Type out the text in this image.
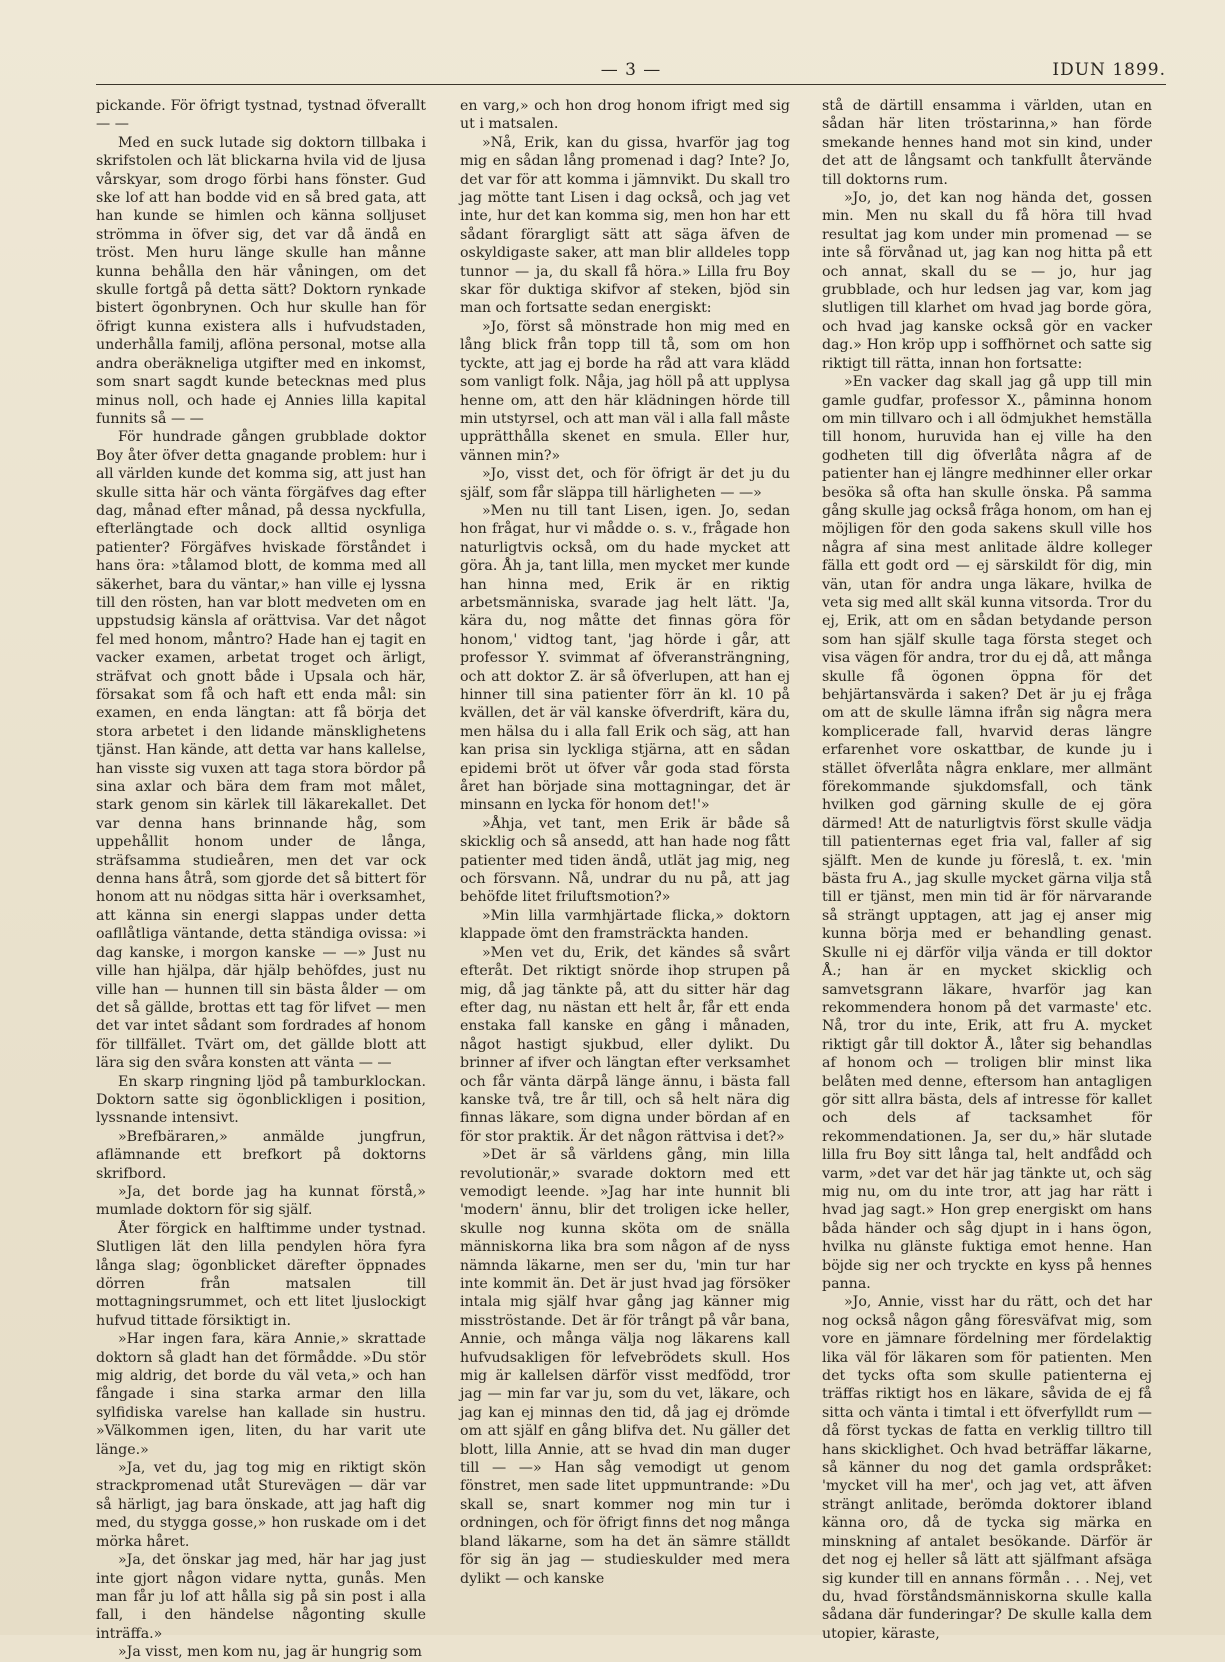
— 3 —	IDUN 1899.

pickande. För öfrigt tystnad, tystnad öfverallt — —

Med en suck lutade sig doktorn tillbaka i skrifstolen och lät blickarna hvila vid de ljusa vårskyar, som drogo förbi hans fönster. Gud ske lof att han bodde vid en så bred gata, att han kunde se himlen och känna solljuset strömma in öfver sig, det var då ändå en tröst. Men huru länge skulle han månne kunna behålla den här våningen, om det skulle fortgå på detta sätt? Doktorn rynkade bistert ögonbrynen. Och hur skulle han för öfrigt kunna existera alls i hufvudstaden, underhålla familj, aflöna personal, motse alla andra oberäkneliga utgifter med en inkomst, som snart sagdt kunde betecknas med plus minus noll, och hade ej Annies lilla kapital funnits så — —

För hundrade gången grubblade doktor Boy åter öfver detta gnagande problem: hur i all världen kunde det komma sig, att just han skulle sitta här och vänta förgäfves dag efter dag, månad efter månad, på dessa nyckfulla, efterlängtade och dock alltid osynliga patienter? Förgäfves hviskade förståndet i hans öra: »tålamod blott, de komma med all säkerhet, bara du väntar,» han ville ej lyssna till den rösten, han var blott medveten om en uppstudsig känsla af orättvisa. Var det något fel med honom, måntro? Hade han ej tagit en vacker examen, arbetat troget och ärligt, sträfvat och gnott både i Upsala och här, försakat som få och haft ett enda mål: sin examen, en enda längtan: att få börja det stora arbetet i den lidande mänsklighetens tjänst. Han kände, att detta var hans kallelse, han visste sig vuxen att taga stora bördor på sina axlar och bära dem fram mot målet, stark genom sin kärlek till läkarekallet. Det var denna hans brinnande håg, som uppehållit honom under de långa, sträfsamma studieåren, men det var ock denna hans åtrå, som gjorde det så bittert för honom att nu nödgas sitta här i overksamhet, att känna sin energi slappas under detta oafllåtliga väntande, detta ständiga ovissa: »i dag kanske, i morgon kanske — —» Just nu ville han hjälpa, där hjälp behöfdes, just nu ville han — hunnen till sin bästa ålder — om det så gällde, brottas ett tag för lifvet — men det var intet sådant som fordrades af honom för tillfället. Tvärt om, det gällde blott att lära sig den svåra konsten att vänta — —

En skarp ringning ljöd på tamburklockan. Doktorn satte sig ögonblickligen i position, lyssnande intensivt.

»Brefbäraren,» anmälde jungfrun, aflämnande ett brefkort på doktorns skrifbord.

»Ja, det borde jag ha kunnat förstå,» mumlade doktorn för sig själf.

Åter förgick en halftimme under tystnad. Slutligen lät den lilla pendylen höra fyra långa slag; ögonblicket därefter öppnades dörren från matsalen till mottagningsrummet, och ett litet ljuslockigt hufvud tittade försiktigt in.

»Har ingen fara, kära Annie,» skrattade doktorn så gladt han det förmådde. »Du stör mig aldrig, det borde du väl veta,» och han fångade i sina starka armar den lilla sylfidiska varelse han kallade sin hustru. »Välkommen igen, liten, du har varit ute länge.»

»Ja, vet du, jag tog mig en riktigt skön strackpromenad utåt Sturevägen — där var så härligt, jag bara önskade, att jag haft dig med, du stygga gosse,» hon ruskade om i det mörka håret.

»Ja, det önskar jag med, här har jag just inte gjort någon vidare nytta, gunås. Men man får ju lof att hålla sig på sin post i alla fall, i den händelse någonting skulle inträffa.»

»Ja visst, men kom nu, jag är hungrig som

en varg,» och hon drog honom ifrigt med sig ut i matsalen.

»Nå, Erik, kan du gissa, hvarför jag tog mig en sådan lång promenad i dag? Inte? Jo, det var för att komma i jämnvikt. Du skall tro jag mötte tant Lisen i dag också, och jag vet inte, hur det kan komma sig, men hon har ett sådant förargligt sätt att säga äfven de oskyldigaste saker, att man blir alldeles topp tunnor — ja, du skall få höra.» Lilla fru Boy skar för duktiga skifvor af steken, bjöd sin man och fortsatte sedan energiskt:

»Jo, först så mönstrade hon mig med en lång blick från topp till tå, som om hon tyckte, att jag ej borde ha råd att vara klädd som vanligt folk. Nåja, jag höll på att upplysa henne om, att den här klädningen hörde till min utstyrsel, och att man väl i alla fall måste upprätthålla skenet en smula. Eller hur, vännen min?»

»Jo, visst det, och för öfrigt är det ju du själf, som får släppa till härligheten — —»

»Men nu till tant Lisen, igen. Jo, sedan hon frågat, hur vi mådde o. s. v., frågade hon naturligtvis också, om du hade mycket att göra. Åh ja, tant lilla, men mycket mer kunde han hinna med, Erik är en riktig arbetsmänniska, svarade jag helt lätt. 'Ja, kära du, nog måtte det finnas göra för honom,' vidtog tant, 'jag hörde i går, att professor Y. svimmat af öfveransträngning, och att doktor Z. är så öfverlupen, att han ej hinner till sina patienter förr än kl. 10 på kvällen, det är väl kanske öfverdrift, kära du, men hälsa du i alla fall Erik och säg, att han kan prisa sin lyckliga stjärna, att en sådan epidemi bröt ut öfver vår goda stad första året han började sina mottagningar, det är minsann en lycka för honom det!'»

»Åhja, vet tant, men Erik är både så skicklig och så ansedd, att han hade nog fått patienter med tiden ändå, utlät jag mig, neg och försvann. Nå, undrar du nu på, att jag behöfde litet friluftsmotion?»

»Min lilla varmhjärtade flicka,» doktorn klappade ömt den framsträckta handen.

»Men vet du, Erik, det kändes så svårt efteråt. Det riktigt snörde ihop strupen på mig, då jag tänkte på, att du sitter här dag efter dag, nu nästan ett helt år, får ett enda enstaka fall kanske en gång i månaden, något hastigt sjukbud, eller dylikt. Du brinner af ifver och längtan efter verksamhet och får vänta därpå länge ännu, i bästa fall kanske två, tre år till, och så helt nära dig finnas läkare, som digna under bördan af en för stor praktik. Är det någon rättvisa i det?»

»Det är så världens gång, min lilla revolutionär,» svarade doktorn med ett vemodigt leende. »Jag har inte hunnit bli 'modern' ännu, blir det troligen icke heller, skulle nog kunna sköta om de snälla människorna lika bra som någon af de nyss nämnda läkarne, men ser du, 'min tur har inte kommit än. Det är just hvad jag försöker intala mig själf hvar gång jag känner mig misströstande. Det är för trångt på vår bana, Annie, och många välja nog läkarens kall hufvudsakligen för lefvebrödets skull. Hos mig är kallelsen därför visst medfödd, tror jag — min far var ju, som du vet, läkare, och jag kan ej minnas den tid, då jag ej drömde om att själf en gång blifva det. Nu gäller det blott, lilla Annie, att se hvad din man duger till — —» Han såg vemodigt ut genom fönstret, men sade litet uppmuntrande: »Du skall se, snart kommer nog min tur i ordningen, och för öfrigt finns det nog många bland läkarne, som ha det än sämre ställdt för sig än jag — studieskulder med mera dylikt — och kanske

stå de därtill ensamma i världen, utan en sådan här liten tröstarinna,» han förde smekande hennes hand mot sin kind, under det att de långsamt och tankfullt återvände till doktorns rum.

»Jo, jo, det kan nog hända det, gossen min. Men nu skall du få höra till hvad resultat jag kom under min promenad — se inte så förvånad ut, jag kan nog hitta på ett och annat, skall du se — jo, hur jag grubblade, och hur ledsen jag var, kom jag slutligen till klarhet om hvad jag borde göra, och hvad jag kanske också gör en vacker dag.» Hon kröp upp i soffhörnet och satte sig riktigt till rätta, innan hon fortsatte:

»En vacker dag skall jag gå upp till min gamle gudfar, professor X., påminna honom om min tillvaro och i all ödmjukhet hemställa till honom, huruvida han ej ville ha den godheten till dig öfverlåta några af de patienter han ej längre medhinner eller orkar besöka så ofta han skulle önska. På samma gång skulle jag också fråga honom, om han ej möjligen för den goda sakens skull ville hos några af sina mest anlitade äldre kolleger fälla ett godt ord — ej särskildt för dig, min vän, utan för andra unga läkare, hvilka de veta sig med allt skäl kunna vitsorda. Tror du ej, Erik, att om en sådan betydande person som han själf skulle taga första steget och visa vägen för andra, tror du ej då, att många skulle få ögonen öppna för det behjärtansvärda i saken? Det är ju ej fråga om att de skulle lämna ifrån sig några mera komplicerade fall, hvarvid deras längre erfarenhet vore oskattbar, de kunde ju i stället öfverlåta några enklare, mer allmänt förekommande sjukdomsfall, och tänk hvilken god gärning skulle de ej göra därmed! Att de naturligtvis först skulle vädja till patienternas eget fria val, faller af sig själft. Men de kunde ju föreslå, t. ex. 'min bästa fru A., jag skulle mycket gärna vilja stå till er tjänst, men min tid är för närvarande så strängt upptagen, att jag ej anser mig kunna börja med er behandling genast. Skulle ni ej därför vilja vända er till doktor Å.; han är en mycket skicklig och samvetsgrann läkare, hvarför jag kan rekommendera honom på det varmaste' etc. Nå, tror du inte, Erik, att fru A. mycket riktigt går till doktor Å., låter sig behandlas af honom och — troligen blir minst lika belåten med denne, eftersom han antagligen gör sitt allra bästa, dels af intresse för kallet och dels af tacksamhet för rekommendationen. Ja, ser du,» här slutade lilla fru Boy sitt långa tal, helt andfådd och varm, »det var det här jag tänkte ut, och säg mig nu, om du inte tror, att jag har rätt i hvad jag sagt.» Hon grep energiskt om hans båda händer och såg djupt in i hans ögon, hvilka nu glänste fuktiga emot henne. Han böjde sig ner och tryckte en kyss på hennes panna.

»Jo, Annie, visst har du rätt, och det har nog också någon gång föresväfvat mig, som vore en jämnare fördelning mer fördelaktig lika väl för läkaren som för patienten. Men det tycks ofta som skulle patienterna ej träffas riktigt hos en läkare, såvida de ej få sitta och vänta i timtal i ett öfverfylldt rum — då först tyckas de fatta en verklig tilltro till hans skicklighet. Och hvad beträffar läkarne, så känner du nog det gamla ordspråket: 'mycket vill ha mer', och jag vet, att äfven strängt anlitade, berömda doktorer ibland känna oro, då de tycka sig märka en minskning af antalet besökande. Därför är det nog ej heller så lätt att själfmant afsäga sig kunder till en annans förmån . . . Nej, vet du, hvad förståndsmänniskorna skulle kalla sådana där funderingar? De skulle kalla dem utopier, käraste,
